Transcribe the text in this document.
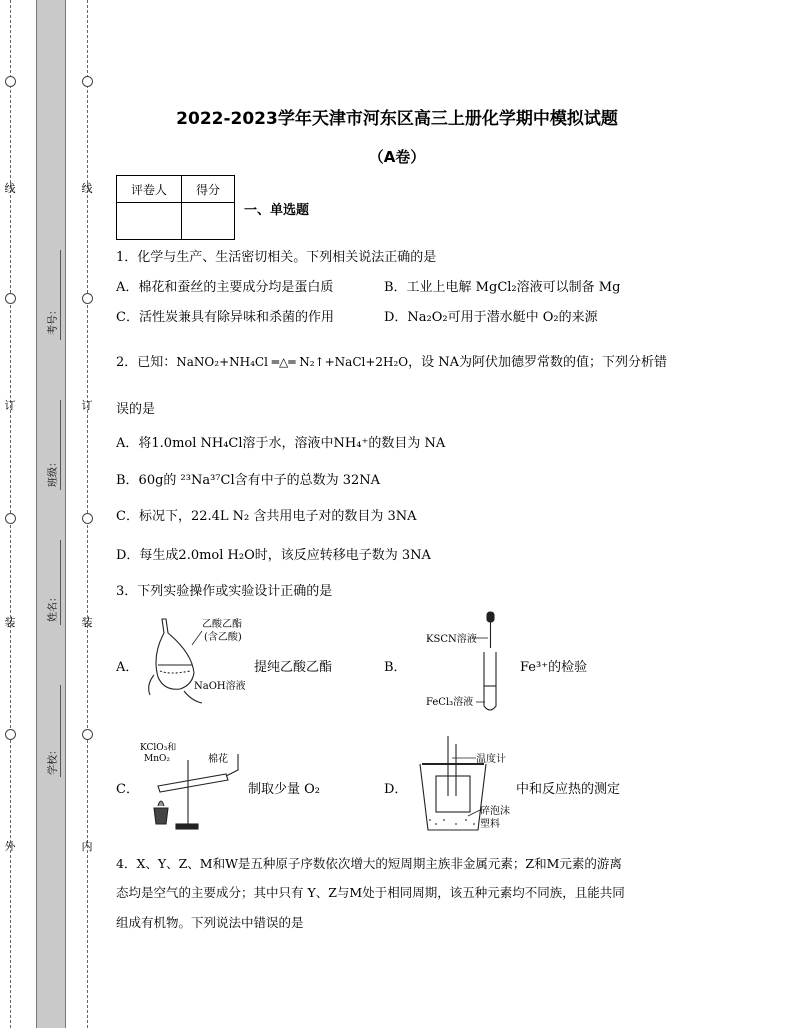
线
订
装
外
线
订
装
内
考号：
班级：
姓名：
学校：
2022-2023学年天津市河东区高三上册化学期中模拟试题
（A卷）
评卷人	得分

一、单选题
1．化学与生产、生活密切相关。下列相关说法正确的是
A．棉花和蚕丝的主要成分均是蛋白质	B．工业上电解 MgCl₂溶液可以制备 Mg
C．活性炭兼具有除异味和杀菌的作用	D．Na₂O₂可用于潜水艇中 O₂的来源
2．已知：NaNO₂+NH₄Cl ═△═ N₂↑+NaCl+2H₂O，设 NA为阿伏加德罗常数的值；下列分析错
误的是
A．将1.0mol NH₄Cl溶于水，溶液中NH₄⁺的数目为 NA
B．60g的 ²³Na³⁷Cl含有中子的总数为 32NA
C．标况下，22.4L N₂ 含共用电子对的数目为 3NA
D．每生成2.0mol H₂O时，该反应转移电子数为 3NA
3．下列实验操作或实验设计正确的是
A．
乙酸乙酯
(含乙酸)
NaOH溶液
提纯乙酸乙酯	B．
KSCN溶液
FeCl₃溶液
Fe³⁺的检验
C．
KClO₃和
MnO₂	棉花
制取少量 O₂	D．
温度计
碎泡沫
塑料
中和反应热的测定
4．X、Y、Z、M和W是五种原子序数依次增大的短周期主族非金属元素；Z和M元素的游离
态均是空气的主要成分；其中只有 Y、Z与M处于相同周期，该五种元素均不同族，且能共同
组成有机物。下列说法中错误的是
